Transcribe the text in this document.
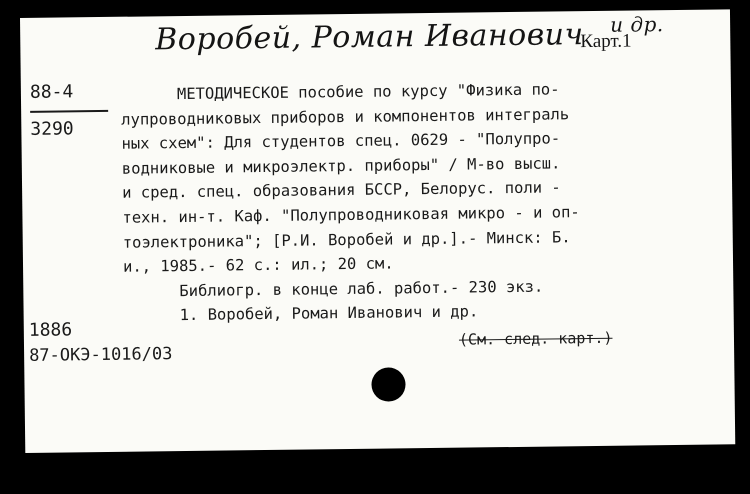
Воробей, Роман Иванович и др.
Карт.1
88-4
3290
МЕТОДИЧЕСКОЕ пособие по курсу "Физика по-
лупроводниковых приборов и компонентов интеграль
ных схем": Для студентов спец. 0629 - "Полупро-
водниковые и микроэлектр. приборы" / М-во высш.
и сред. спец. образования БССР, Белорус. поли -
техн. ин-т. Каф. "Полупроводниковая микро - и оп-
тоэлектроника"; [Р.И. Воробей и др.].- Минск: Б.
и., 1985.- 62 с.: ил.; 20 см.
Библиогр. в конце лаб. работ.- 230 экз.
1. Воробей, Роман Иванович и др.
1886
87-ОКЭ-1016/03
(См. след. карт.)
